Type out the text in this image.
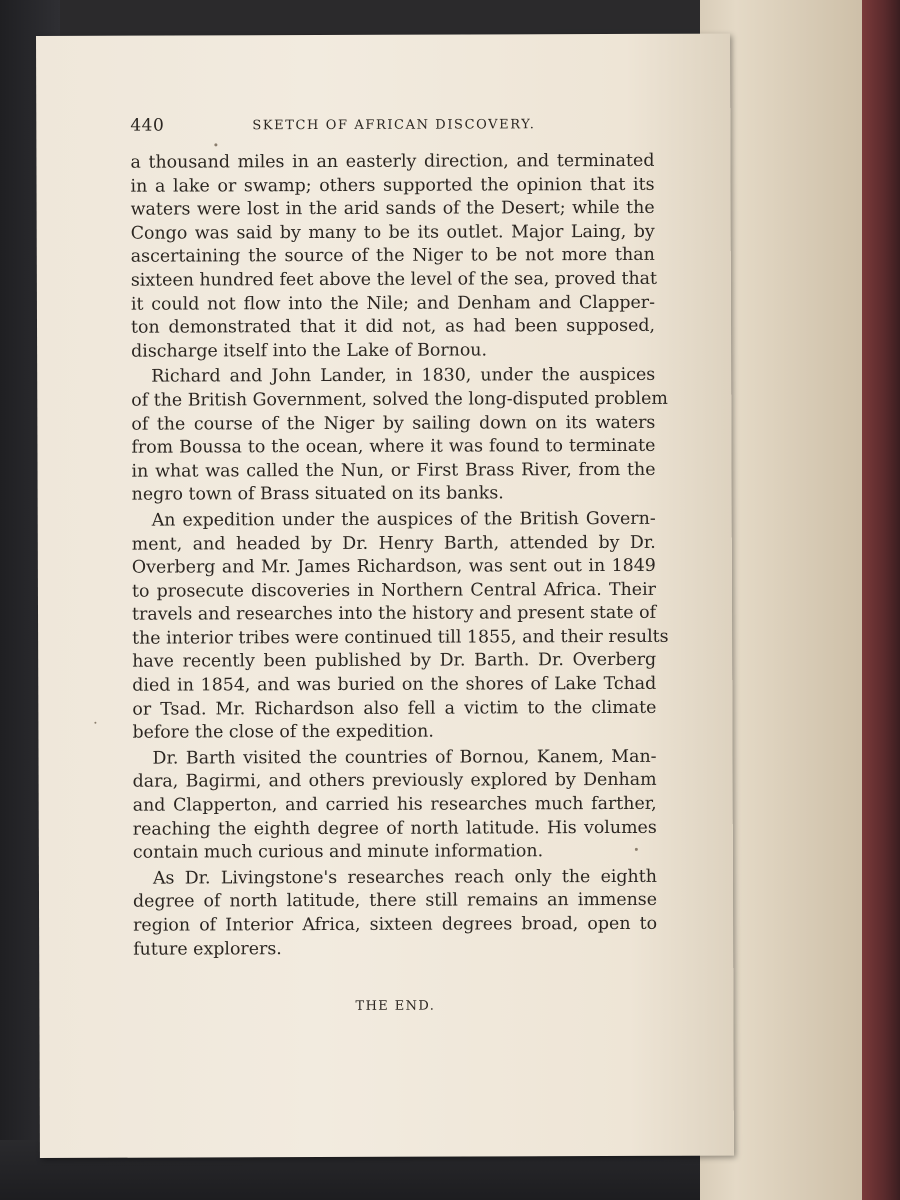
440	SKETCH OF AFRICAN DISCOVERY.
a thousand miles in an easterly direction, and terminated
in a lake or swamp; others supported the opinion that its
waters were lost in the arid sands of the Desert; while the
Congo was said by many to be its outlet. Major Laing, by
ascertaining the source of the Niger to be not more than
sixteen hundred feet above the level of the sea, proved that
it could not flow into the Nile; and Denham and Clapper-
ton demonstrated that it did not, as had been supposed,
discharge itself into the Lake of Bornou.
Richard and John Lander, in 1830, under the auspices
of the British Government, solved the long-disputed problem
of the course of the Niger by sailing down on its waters
from Boussa to the ocean, where it was found to terminate
in what was called the Nun, or First Brass River, from the
negro town of Brass situated on its banks.
An expedition under the auspices of the British Govern-
ment, and headed by Dr. Henry Barth, attended by Dr.
Overberg and Mr. James Richardson, was sent out in 1849
to prosecute discoveries in Northern Central Africa. Their
travels and researches into the history and present state of
the interior tribes were continued till 1855, and their results
have recently been published by Dr. Barth. Dr. Overberg
died in 1854, and was buried on the shores of Lake Tchad
or Tsad. Mr. Richardson also fell a victim to the climate
before the close of the expedition.
Dr. Barth visited the countries of Bornou, Kanem, Man-
dara, Bagirmi, and others previously explored by Denham
and Clapperton, and carried his researches much farther,
reaching the eighth degree of north latitude. His volumes
contain much curious and minute information.
As Dr. Livingstone's researches reach only the eighth
degree of north latitude, there still remains an immense
region of Interior Africa, sixteen degrees broad, open to
future explorers.
THE END.
